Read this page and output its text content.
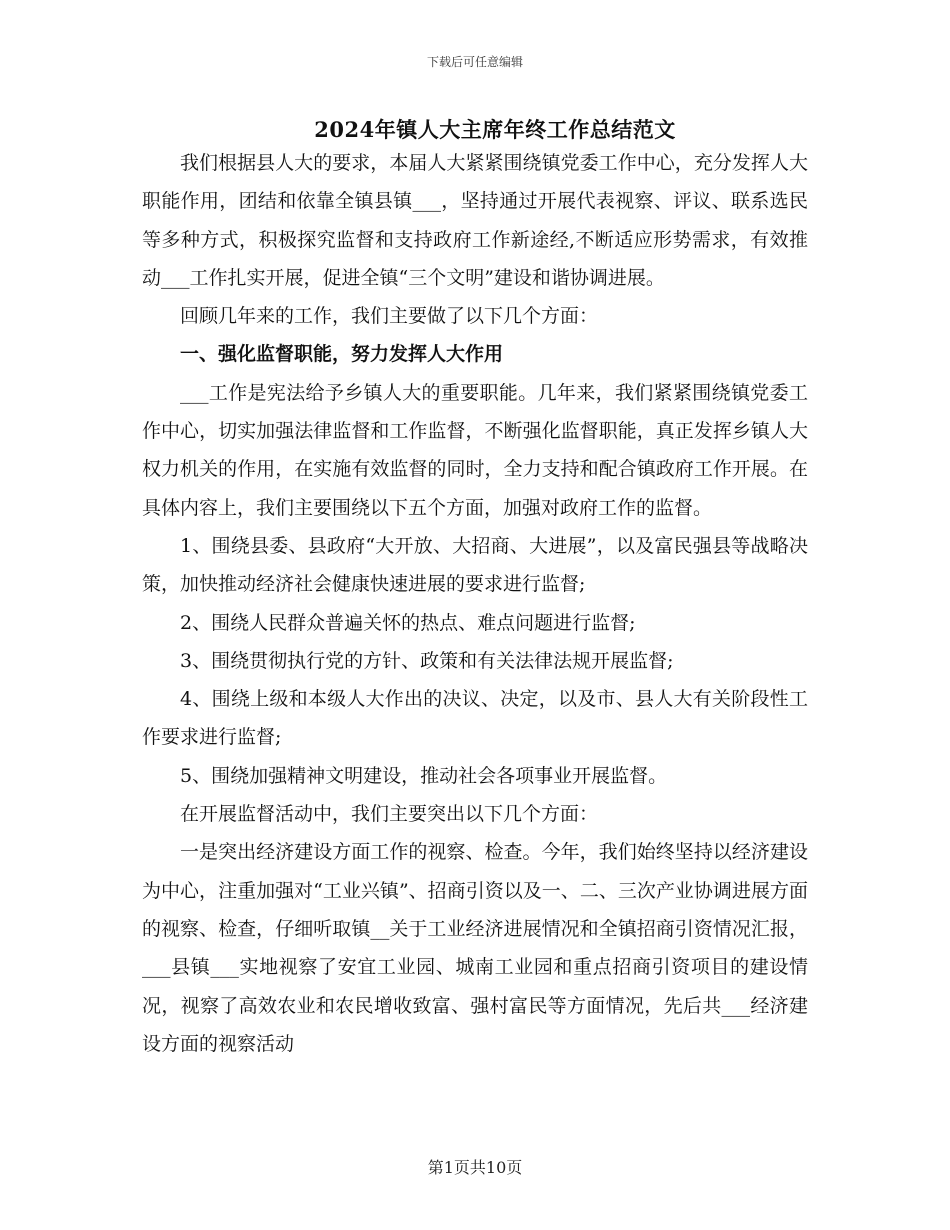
下载后可任意编辑
2024年镇人大主席年终工作总结范文

我们根据县人大的要求，本届人大紧紧围绕镇党委工作中心，充分发挥人大职能作用，团结和依靠全镇县镇___，坚持通过开展代表视察、评议、联系选民等多种方式，积极探究监督和支持政府工作新途经,不断适应形势需求，有效推动___工作扎实开展，促进全镇“三个文明”建设和谐协调进展。

回顾几年来的工作，我们主要做了以下几个方面：

一、强化监督职能，努力发挥人大作用

___工作是宪法给予乡镇人大的重要职能。几年来，我们紧紧围绕镇党委工作中心，切实加强法律监督和工作监督，不断强化监督职能，真正发挥乡镇人大权力机关的作用，在实施有效监督的同时，全力支持和配合镇政府工作开展。在具体内容上，我们主要围绕以下五个方面，加强对政府工作的监督。

1、围绕县委、县政府“大开放、大招商、大进展”，以及富民强县等战略决策，加快推动经济社会健康快速进展的要求进行监督;

2、围绕人民群众普遍关怀的热点、难点问题进行监督;

3、围绕贯彻执行党的方针、政策和有关法律法规开展监督;

4、围绕上级和本级人大作出的决议、决定，以及市、县人大有关阶段性工作要求进行监督;

5、围绕加强精神文明建设，推动社会各项事业开展监督。

在开展监督活动中，我们主要突出以下几个方面：

一是突出经济建设方面工作的视察、检查。今年，我们始终坚持以经济建设为中心，注重加强对“工业兴镇”、招商引资以及一、二、三次产业协调进展方面的视察、检查，仔细听取镇__关于工业经济进展情况和全镇招商引资情况汇报，___县镇___实地视察了安宜工业园、城南工业园和重点招商引资项目的建设情况，视察了高效农业和农民增收致富、强村富民等方面情况，先后共___经济建设方面的视察活动

第1页共10页
